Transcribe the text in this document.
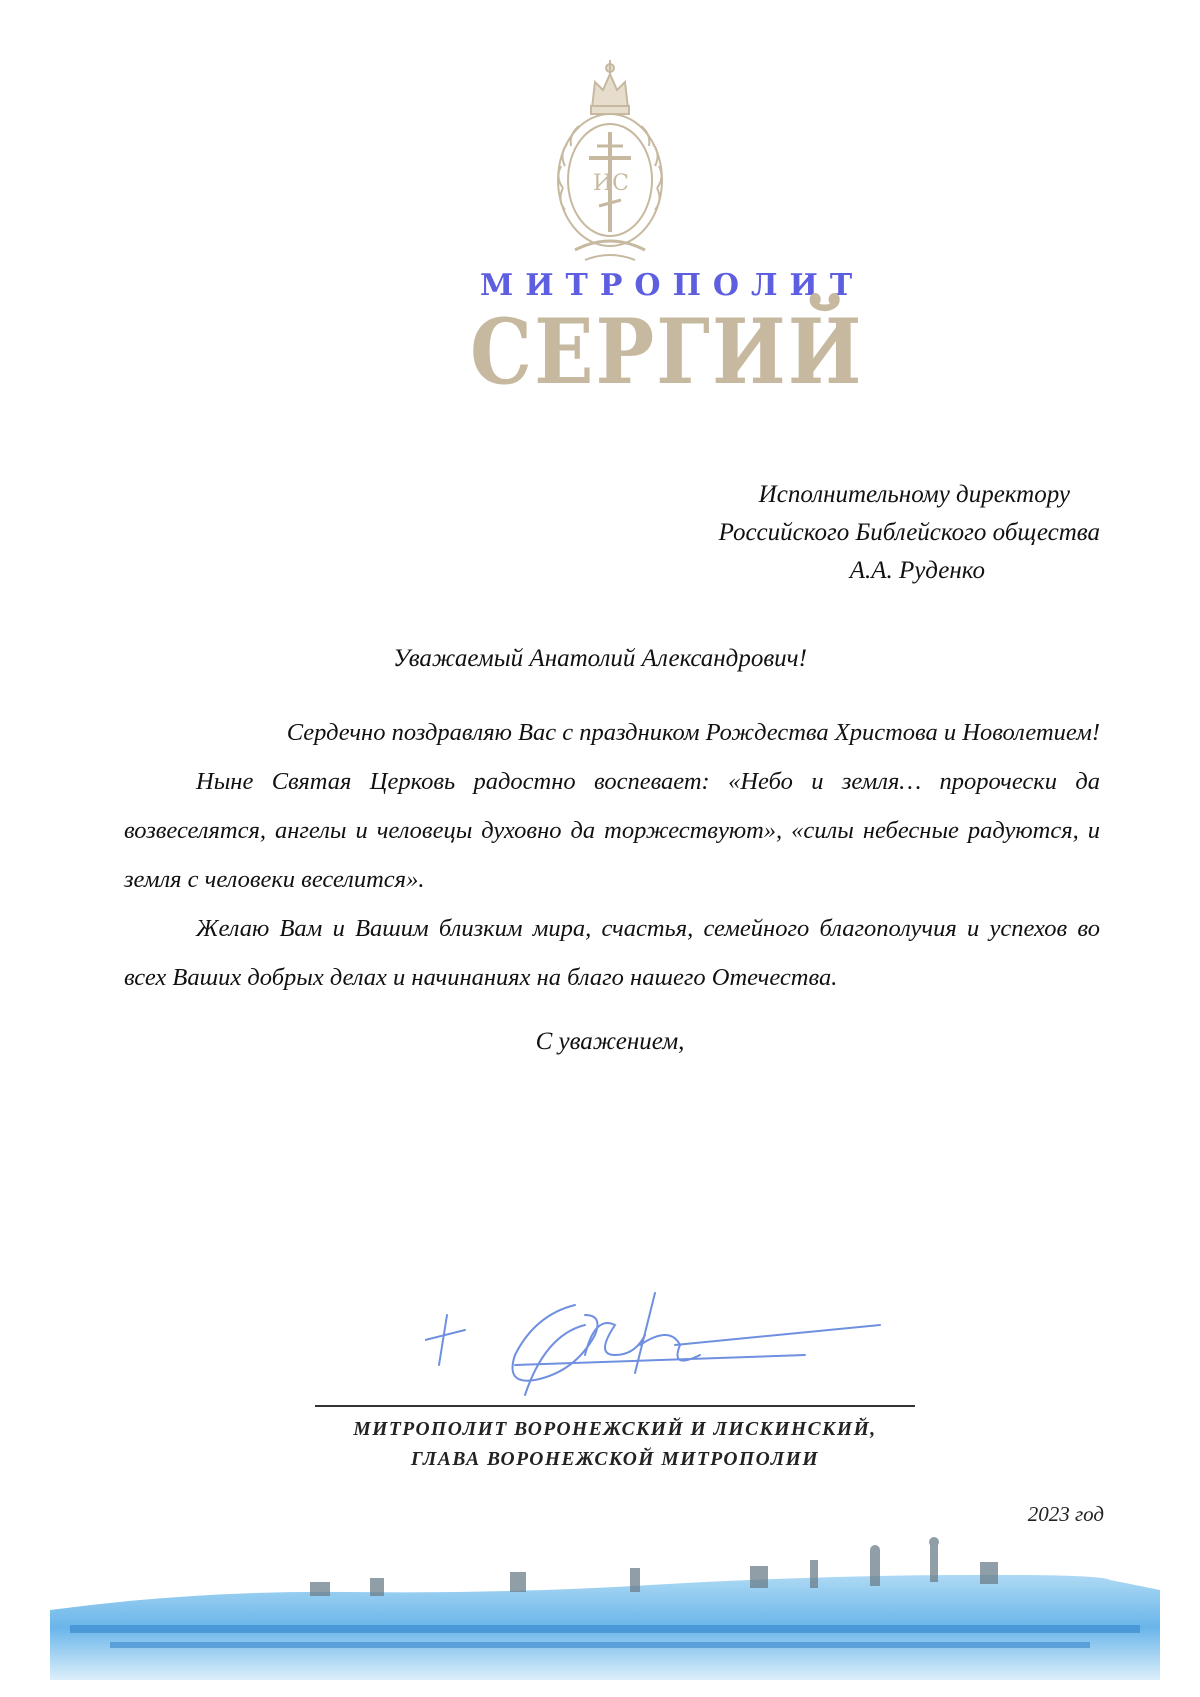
ИС
МИТРОПОЛИТ
СЕРГИЙ
Исполнительному директору
Российского Библейского общества
А.А. Руденко
Уважаемый Анатолий Александрович!

Сердечно поздравляю Вас с праздником Рождества Христова и Новолетием!

Ныне Святая Церковь радостно воспевает: «Небо и земля… пророчески да возвеселятся, ангелы и человецы духовно да торжествуют», «силы небесные радуются, и земля с человеки веселится».

Желаю Вам и Вашим близким мира, счастья, семейного благополучия и успехов во всех Ваших добрых делах и начинаниях на благо нашего Отечества.

С уважением,
МИТРОПОЛИТ ВОРОНЕЖСКИЙ И ЛИСКИНСКИЙ,
ГЛАВА ВОРОНЕЖСКОЙ МИТРОПОЛИИ
2023 год
